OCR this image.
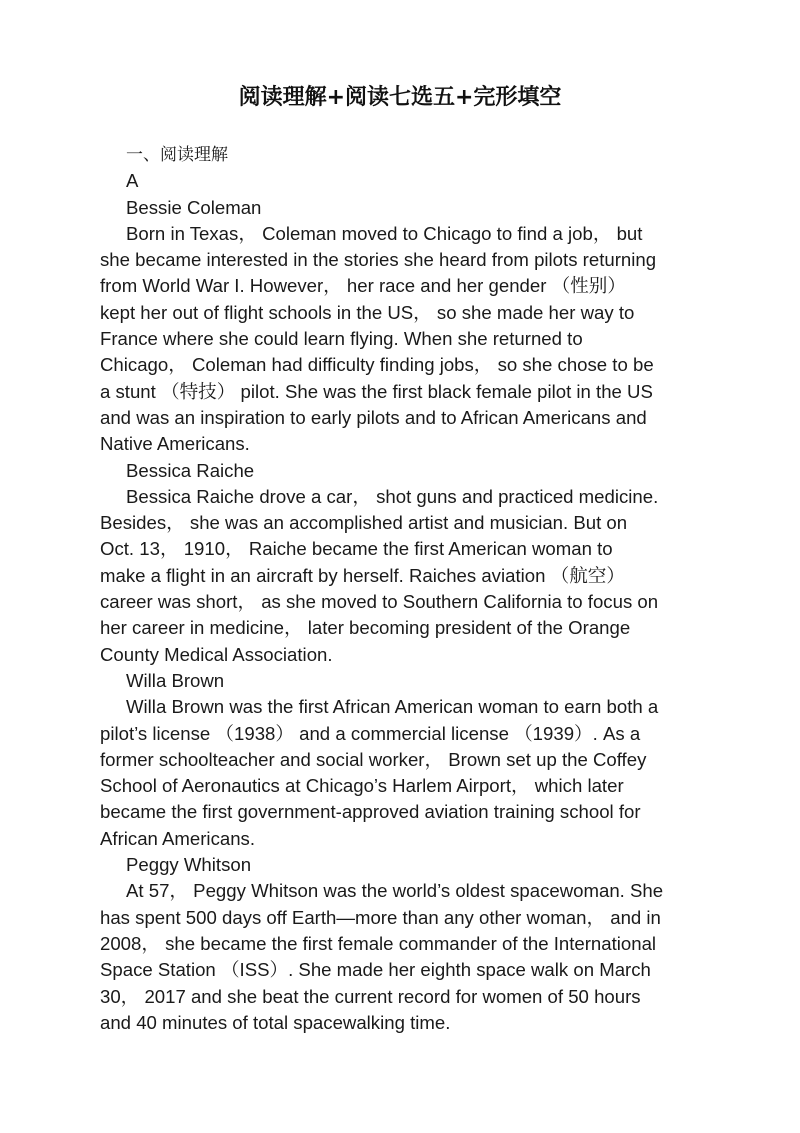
阅读理解+阅读七选五+完形填空
一、阅读理解
A
Bessie Coleman
Born in Texas， Coleman moved to Chicago to find a job， but
she became interested in the stories she heard from pilots returning
from World War I. However， her race and her gender （性别）
kept her out of flight schools in the US， so she made her way to
France where she could learn flying. When she returned to
Chicago， Coleman had difficulty finding jobs， so she chose to be
a stunt （特技） pilot. She was the first black female pilot in the US
and was an inspiration to early pilots and to African Americans and
Native Americans.
Bessica Raiche
Bessica Raiche drove a car， shot guns and practiced medicine.
Besides， she was an accomplished artist and musician. But on
Oct. 13， 1910， Raiche became the first American woman to
make a flight in an aircraft by herself. Raiches aviation （航空）
career was short， as she moved to Southern California to focus on
her career in medicine， later becoming president of the Orange
County Medical Association.
Willa Brown
Willa Brown was the first African American woman to earn both a
pilot’s license （1938） and a commercial license （1939）. As a
former schoolteacher and social worker， Brown set up the Coffey
School of Aeronautics at Chicago’s Harlem Airport， which later
became the first government-approved aviation training school for
African Americans.
Peggy Whitson
At 57， Peggy Whitson was the world’s oldest spacewoman. She
has spent 500 days off Earth—more than any other woman， and in
2008， she became the first female commander of the International
Space Station （ISS）. She made her eighth space walk on March
30， 2017 and she beat the current record for women of 50 hours
and 40 minutes of total spacewalking time.
